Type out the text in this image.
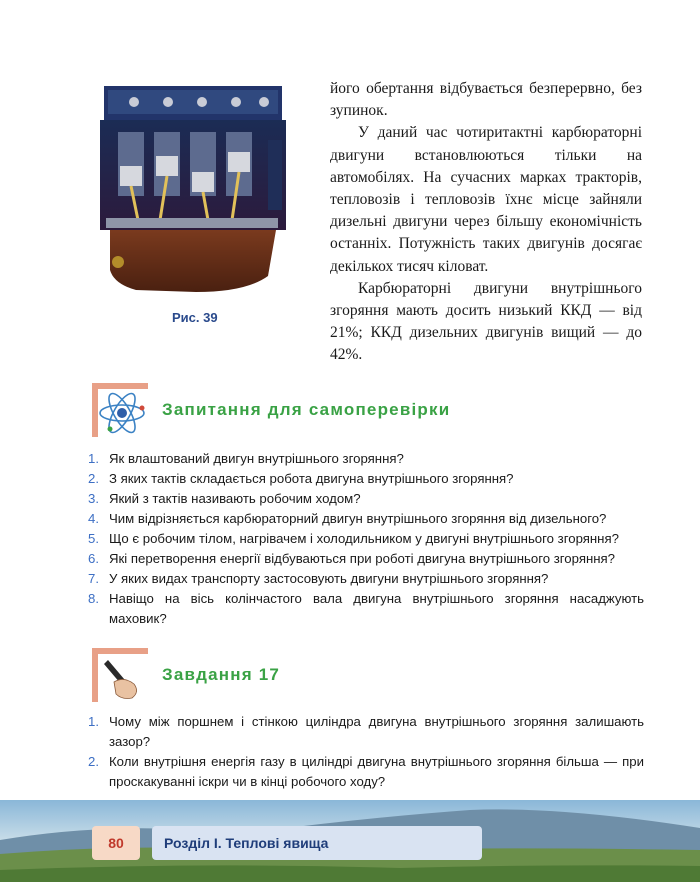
Рис. 39

його обертання відбувається безперервно, без зупинок.

У даний час чотиритактні карбюраторні двигуни встановлюються тільки на автомобілях. На сучасних марках тракторів, тепловозів і тепловозів їхнє місце зайняли дизельні двигуни через більшу економічність останніх. Потужність таких двигунів досягає декількох тисяч кіловат.

Карбюраторні двигуни внутрішнього згоряння мають досить низький ККД — від 21%; ККД дизельних двигунів вищий — до 42%.

Запитання для самоперевірки
1. Як влаштований двигун внутрішнього згоряння?
2. З яких тактів складається робота двигуна внутрішнього згоряння?
3. Який з тактів називають робочим ходом?
4. Чим відрізняється карбюраторний двигун внутрішнього згоряння від дизельного?
5. Що є робочим тілом, нагрівачем і холодильником у двигуні внутрішнього згоряння?
6. Які перетворення енергії відбуваються при роботі двигуна внутрішнього згоряння?
7. У яких видах транспорту застосовують двигуни внутрішнього згоряння?
8. Навіщо на вісь колінчастого вала двигуна внутрішнього згоряння насаджують маховик?
Завдання 17
1. Чому між поршнем і стінкою циліндра двигуна внутрішнього згоряння залишають зазор?
2. Коли внутрішня енергія газу в циліндрі двигуна внутрішнього згоряння більша — при проскакуванні іскри чи в кінці робочого ходу?
80	Розділ І. Теплові явища
